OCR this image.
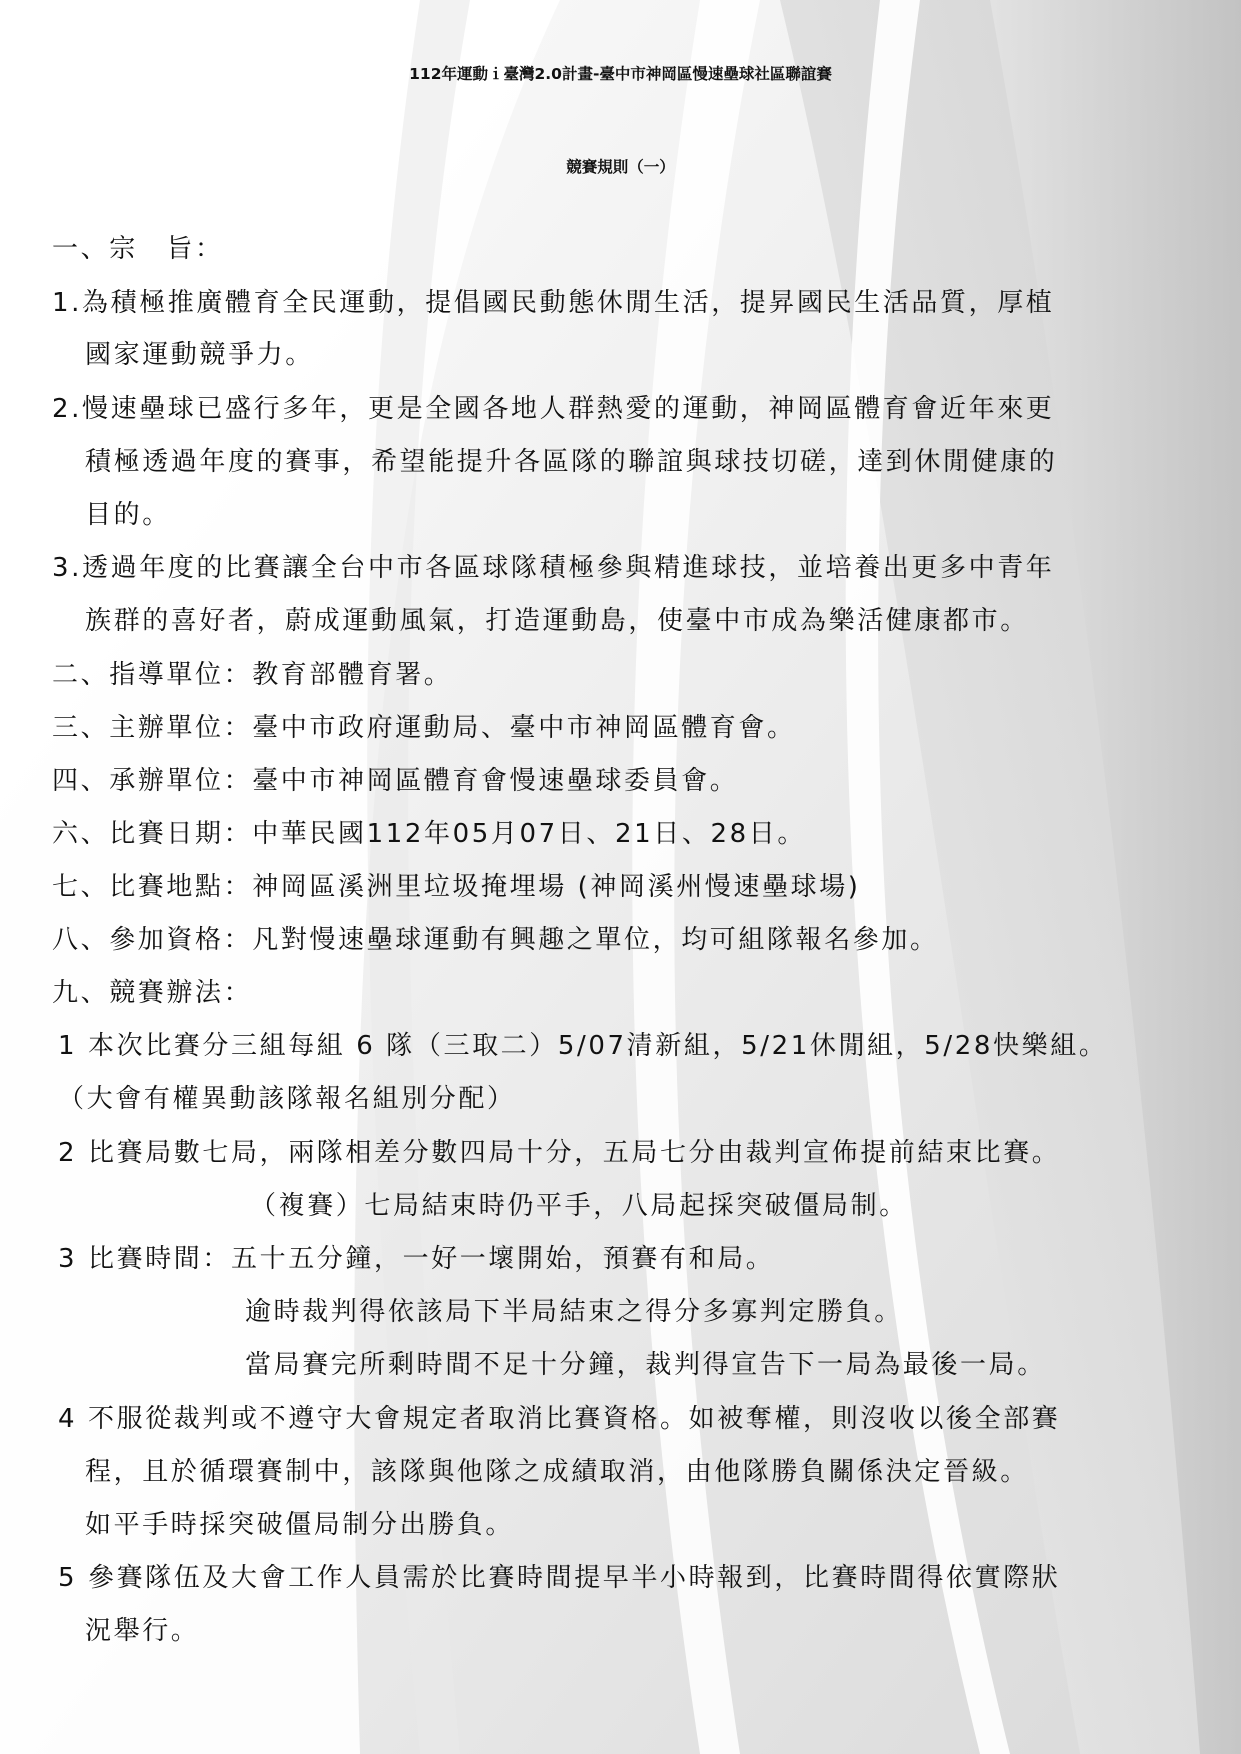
112年運動ｉ臺灣2.0計畫-臺中市神岡區慢速壘球社區聯誼賽
競賽規則（一）
一、宗　旨：
1.為積極推廣體育全民運動，提倡國民動態休閒生活，提昇國民生活品質，厚植
國家運動競爭力。
2.慢速壘球已盛行多年，更是全國各地人群熱愛的運動，神岡區體育會近年來更
積極透過年度的賽事，希望能提升各區隊的聯誼與球技切磋，達到休閒健康的
目的。
3.透過年度的比賽讓全台中市各區球隊積極參與精進球技，並培養出更多中青年
族群的喜好者，蔚成運動風氣，打造運動島，使臺中市成為樂活健康都市。
二、指導單位：教育部體育署。
三、主辦單位：臺中市政府運動局、臺中市神岡區體育會。
四、承辦單位：臺中市神岡區體育會慢速壘球委員會。
六、比賽日期：中華民國112年05月07日、21日、28日。
七、比賽地點：神岡區溪洲里垃圾掩埋場 (神岡溪州慢速壘球場)
八、參加資格：凡對慢速壘球運動有興趣之單位，均可組隊報名參加。
九、競賽辦法：
1 本次比賽分三組每組 6 隊（三取二）5/07清新組，5/21休閒組，5/28快樂組。
（大會有權異動該隊報名組別分配）
2 比賽局數七局，兩隊相差分數四局十分，五局七分由裁判宣佈提前結束比賽。
（複賽）七局結束時仍平手，八局起採突破僵局制。
3 比賽時間：五十五分鐘，一好一壞開始，預賽有和局。
逾時裁判得依該局下半局結束之得分多寡判定勝負。
當局賽完所剩時間不足十分鐘，裁判得宣告下一局為最後一局。
4 不服從裁判或不遵守大會規定者取消比賽資格。如被奪權，則沒收以後全部賽
程，且於循環賽制中，該隊與他隊之成績取消，由他隊勝負關係決定晉級。
如平手時採突破僵局制分出勝負。
5 參賽隊伍及大會工作人員需於比賽時間提早半小時報到，比賽時間得依實際狀
況舉行。
